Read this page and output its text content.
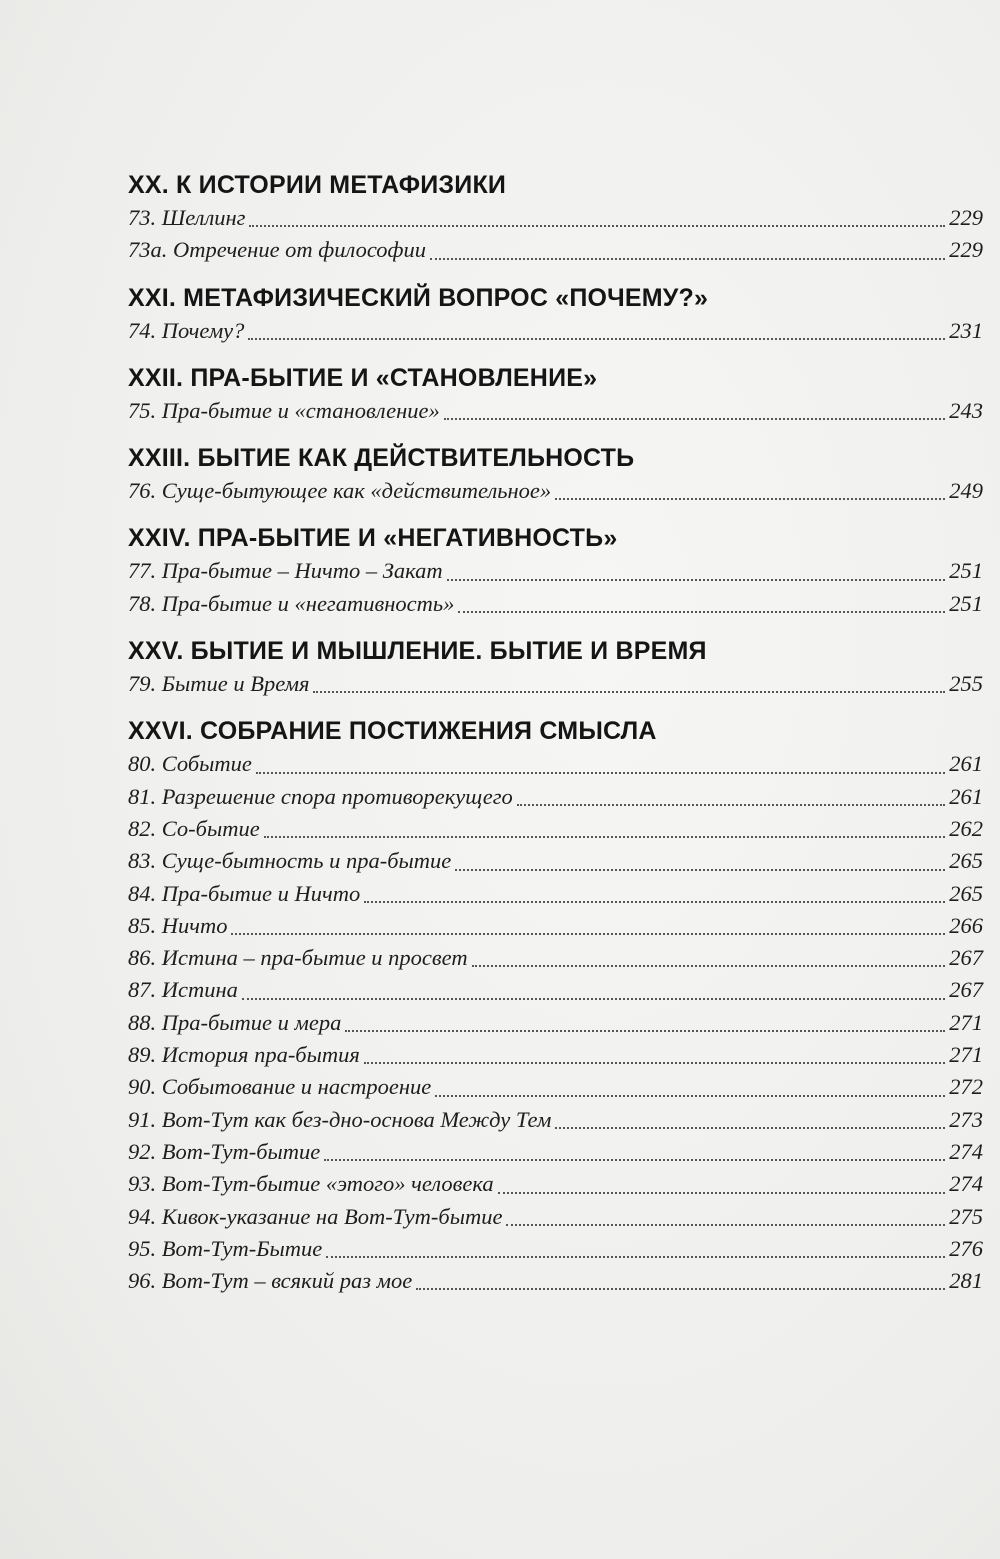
XX. К ИСТОРИИ МЕТАФИЗИКИ
73. Шеллинг	229
73а. Отречение от философии	229
XXI. МЕТАФИЗИЧЕСКИЙ ВОПРОС «ПОЧЕМУ?»
74. Почему?	231
XXII. ПРА-БЫТИЕ И «СТАНОВЛЕНИЕ»
75. Пра-бытие и «становление»	243
XXIII. БЫТИЕ КАК ДЕЙСТВИТЕЛЬНОСТЬ
76. Суще-бытующее как «действительное»	249
XXIV. ПРА-БЫТИЕ И «НЕГАТИВНОСТЬ»
77. Пра-бытие – Ничто – Закат	251
78. Пра-бытие и «негативность»	251
XXV. БЫТИЕ И МЫШЛЕНИЕ. БЫТИЕ И ВРЕМЯ
79. Бытие и Время	255
XXVI. СОБРАНИЕ ПОСТИЖЕНИЯ СМЫСЛА
80. Событие	261
81. Разрешение спора противорекущего	261
82. Со-бытие	262
83. Суще-бытность и пра-бытие	265
84. Пра-бытие и Ничто	265
85. Ничто	266
86. Истина – пра-бытие и просвет	267
87. Истина	267
88. Пра-бытие и мера	271
89. История пра-бытия	271
90. Событование и настроение	272
91. Вот-Тут как без-дно-основа Между Тем	273
92. Вот-Тут-бытие	274
93. Вот-Тут-бытие «этого» человека	274
94. Кивок-указание на Вот-Тут-бытие	275
95. Вот-Тут-Бытие	276
96. Вот-Тут – всякий раз мое	281
